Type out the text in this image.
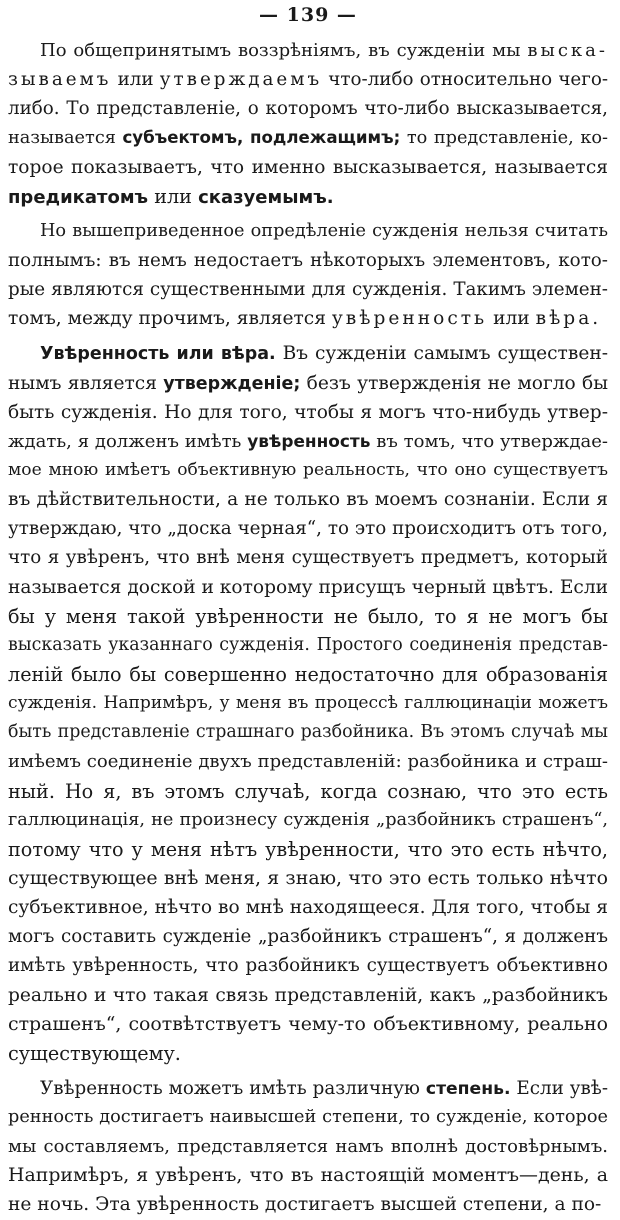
— 139 —
По общепринятымъ воззрѣніямъ, въ сужденіи мы выска-
зываемъ или утверждаемъ что-либо относительно чего-
либо. То представленіе, о которомъ что-либо высказывается,
называется субъектомъ, подлежащимъ; то представленіе, ко-
торое показываетъ, что именно высказывается, называется
предикатомъ или сказуемымъ.
Но вышеприведенное опредѣленіе сужденія нельзя считать
полнымъ: въ немъ недостаетъ нѣкоторыхъ элементовъ, кото-
рые являются существенными для сужденія. Такимъ элемен-
томъ, между прочимъ, является увѣренность или вѣра.
Увѣренность или вѣра. Въ сужденіи самымъ существен-
нымъ является утвержденіе; безъ утвержденія не могло бы
быть сужденія. Но для того, чтобы я могъ что-нибудь утвер-
ждать, я долженъ имѣть увѣренность въ томъ, что утверждае-
мое мною имѣетъ объективную реальность, что оно существуетъ
въ дѣйствительности, а не только въ моемъ сознаніи. Если я
утверждаю, что „доска черная“, то это происходитъ отъ того,
что я увѣренъ, что внѣ меня существуетъ предметъ, который
называется доской и которому присущъ черный цвѣтъ. Если
бы у меня такой увѣренности не было, то я не могъ бы
высказать указаннаго сужденія. Простого соединенія представ-
леній было бы совершенно недостаточно для образованія
сужденія. Напримѣръ, у меня въ процессѣ галлюцинаціи можетъ
быть представленіе страшнаго разбойника. Въ этомъ случаѣ мы
имѣемъ соединеніе двухъ представленій: разбойника и страш-
ный. Но я, въ этомъ случаѣ, когда сознаю, что это есть
галлюцинація, не произнесу сужденія „разбойникъ страшенъ“,
потому что у меня нѣтъ увѣренности, что это есть нѣчто,
существующее внѣ меня, я знаю, что это есть только нѣчто
субъективное, нѣчто во мнѣ находящееся. Для того, чтобы я
могъ составить сужденіе „разбойникъ страшенъ“, я долженъ
имѣть увѣренность, что разбойникъ существуетъ объективно
реально и что такая связь представленій, какъ „разбойникъ
страшенъ“, соотвѣтствуетъ чему-то объективному, реально
существующему.
Увѣренность можетъ имѣть различную степень. Если увѣ-
ренность достигаетъ наивысшей степени, то сужденіе, которое
мы составляемъ, представляется намъ вполнѣ достовѣрнымъ.
Напримѣръ, я увѣренъ, что въ настоящій моментъ—день, а
не ночь. Эта увѣренность достигаетъ высшей степени, а по-
